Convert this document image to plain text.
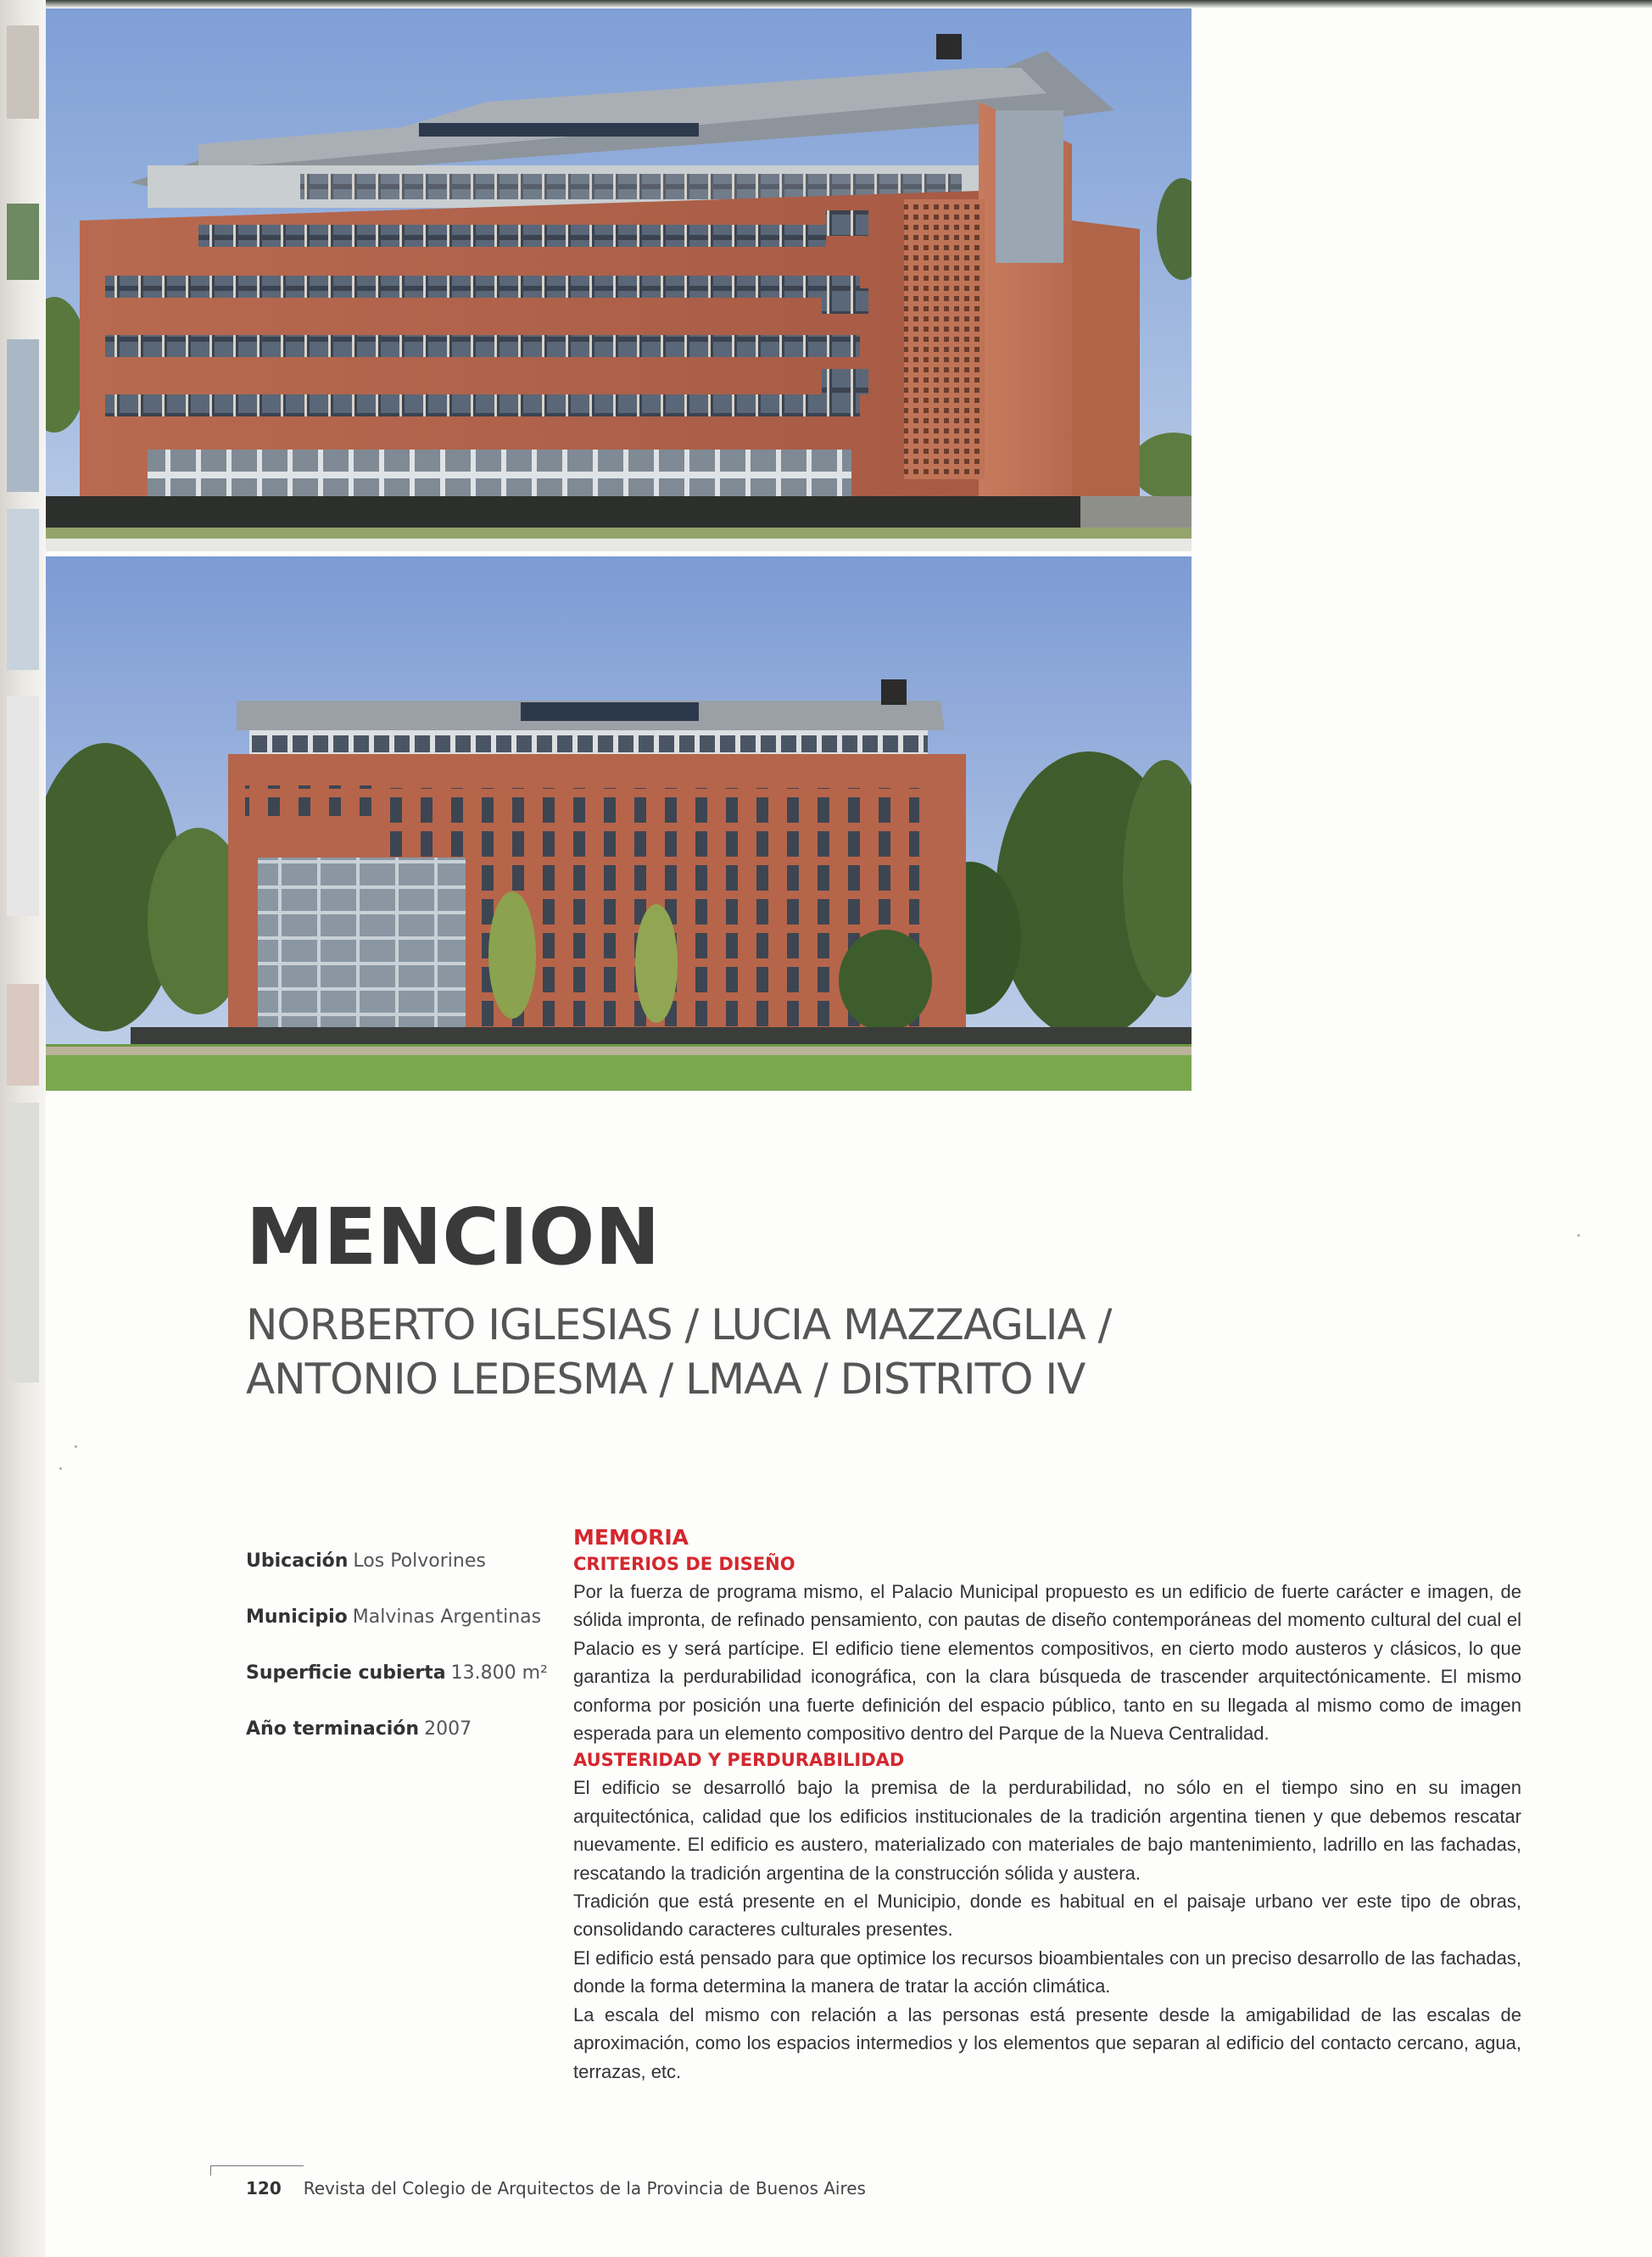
MENCION
NORBERTO IGLESIAS / LUCIA MAZZAGLIA /
ANTONIO LEDESMA / LMAA / DISTRITO IV
Ubicación Los Polvorines
Municipio Malvinas Argentinas
Superficie cubierta 13.800 m²
Año terminación 2007
MEMORIA
CRITERIOS DE DISEÑO

Por la fuerza de programa mismo, el Palacio Municipal propuesto es un edificio de fuerte carácter e imagen, de sólida impronta, de refinado pensamiento, con pautas de diseño contemporáneas del momento cultural del cual el Palacio es y será partícipe. El edificio tiene elementos compositivos, en cierto modo austeros y clásicos, lo que garantiza la perdurabilidad iconográfica, con la clara búsqueda de trascender arquitectónicamente. El mismo conforma por posición una fuerte definición del espacio público, tanto en su llegada al mismo como de imagen esperada para un elemento compositivo dentro del Parque de la Nueva Centralidad.

AUSTERIDAD Y PERDURABILIDAD

El edificio se desarrolló bajo la premisa de la perdurabilidad, no sólo en el tiempo sino en su imagen arquitectónica, calidad que los edificios institucionales de la tradición argentina tienen y que debemos rescatar nuevamente. El edificio es austero, materializado con materiales de bajo mantenimiento, ladrillo en las fachadas, rescatando la tradición argentina de la construcción sólida y austera.

Tradición que está presente en el Municipio, donde es habitual en el paisaje urbano ver este tipo de obras, consolidando caracteres culturales presentes.

El edificio está pensado para que optimice los recursos bioambientales con un preciso desarrollo de las fachadas, donde la forma determina la manera de tratar la acción climática.

La escala del mismo con relación a las personas está presente desde la amigabilidad de las escalas de aproximación, como los espacios intermedios y los elementos que separan al edificio del contacto cercano, agua, terrazas, etc.

120 Revista del Colegio de Arquitectos de la Provincia de Buenos Aires
